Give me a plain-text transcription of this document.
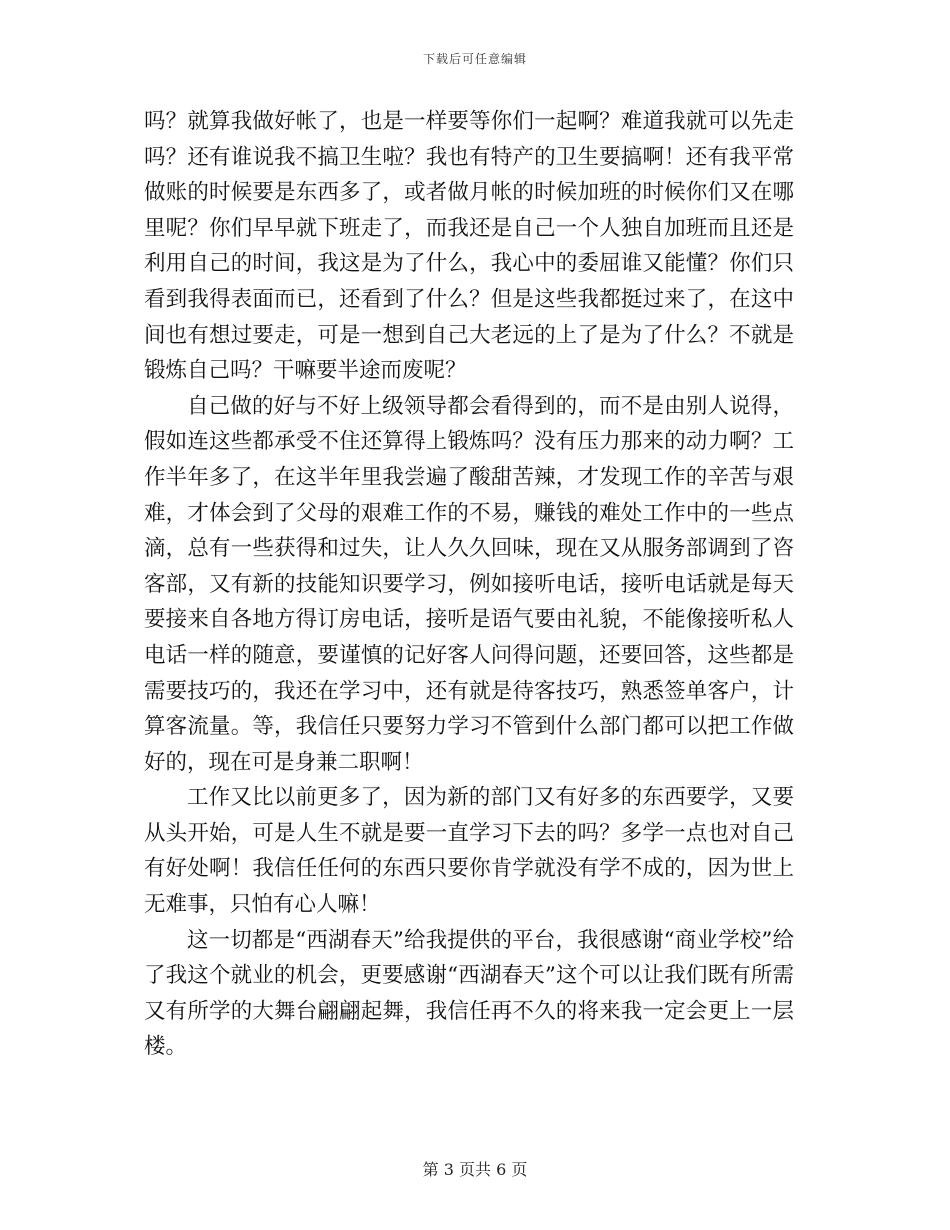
下载后可任意编辑

吗？就算我做好帐了，也是一样要等你们一起啊？难道我就可以先走吗？还有谁说我不搞卫生啦？我也有特产的卫生要搞啊！还有我平常做账的时候要是东西多了，或者做月帐的时候加班的时候你们又在哪里呢？你们早早就下班走了，而我还是自己一个人独自加班而且还是利用自己的时间，我这是为了什么，我心中的委屈谁又能懂？你们只看到我得表面而已，还看到了什么？但是这些我都挺过来了，在这中间也有想过要走，可是一想到自己大老远的上了是为了什么？不就是锻炼自己吗？干嘛要半途而废呢？

自己做的好与不好上级领导都会看得到的，而不是由别人说得，假如连这些都承受不住还算得上锻炼吗？没有压力那来的动力啊？工作半年多了，在这半年里我尝遍了酸甜苦辣，才发现工作的辛苦与艰难，才体会到了父母的艰难工作的不易，赚钱的难处工作中的一些点滴，总有一些获得和过失，让人久久回味，现在又从服务部调到了咨客部，又有新的技能知识要学习，例如接听电话，接听电话就是每天要接来自各地方得订房电话，接听是语气要由礼貌，不能像接听私人电话一样的随意，要谨慎的记好客人问得问题，还要回答，这些都是需要技巧的，我还在学习中，还有就是待客技巧，熟悉签单客户，计算客流量。等，我信任只要努力学习不管到什么部门都可以把工作做好的，现在可是身兼二职啊！

工作又比以前更多了，因为新的部门又有好多的东西要学，又要从头开始，可是人生不就是要一直学习下去的吗？多学一点也对自己有好处啊！我信任任何的东西只要你肯学就没有学不成的，因为世上无难事，只怕有心人嘛！

这一切都是“西湖春天”给我提供的平台，我很感谢“商业学校”给了我这个就业的机会，更要感谢“西湖春天”这个可以让我们既有所需又有所学的大舞台翩翩起舞，我信任再不久的将来我一定会更上一层楼。

第 3 页共 6 页
